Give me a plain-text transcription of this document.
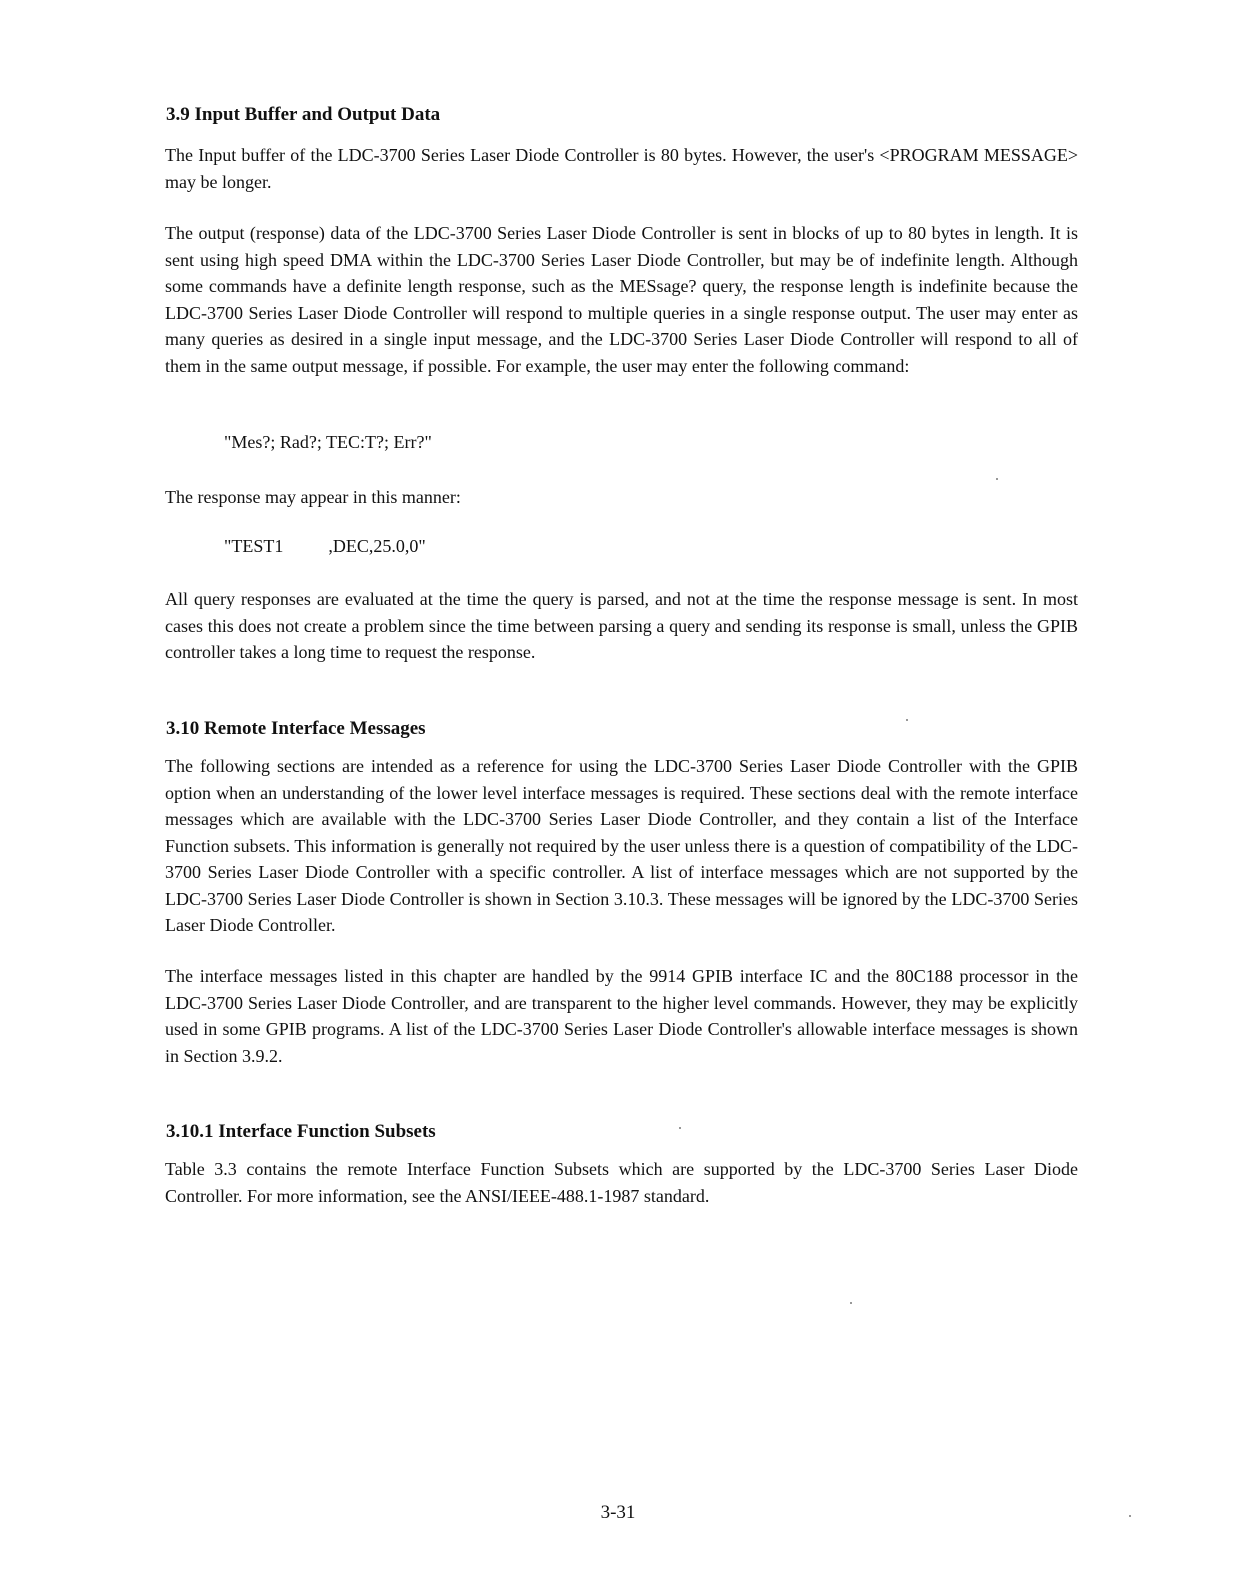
3.9 Input Buffer and Output Data

The Input buffer of the LDC-3700 Series Laser Diode Controller is 80 bytes. However, the user's <PROGRAM MESSAGE> may be longer.

The output (response) data of the LDC-3700 Series Laser Diode Controller is sent in blocks of up to 80 bytes in length. It is sent using high speed DMA within the LDC-3700 Series Laser Diode Controller, but may be of indefinite length. Although some commands have a definite length response, such as the MESsage? query, the response length is indefinite because the LDC-3700 Series Laser Diode Controller will respond to multiple queries in a single response output. The user may enter as many queries as desired in a single input message, and the LDC-3700 Series Laser Diode Controller will respond to all of them in the same output message, if possible. For example, the user may enter the following command:

"Mes?; Rad?; TEC:T?; Err?"

The response may appear in this manner:

"TEST1          ,DEC,25.0,0"

All query responses are evaluated at the time the query is parsed, and not at the time the response message is sent. In most cases this does not create a problem since the time between parsing a query and sending its response is small, unless the GPIB controller takes a long time to request the response.

3.10 Remote Interface Messages

The following sections are intended as a reference for using the LDC-3700 Series Laser Diode Controller with the GPIB option when an understanding of the lower level interface messages is required. These sections deal with the remote interface messages which are available with the LDC-3700 Series Laser Diode Controller, and they contain a list of the Interface Function subsets. This information is generally not required by the user unless there is a question of compatibility of the LDC-3700 Series Laser Diode Controller with a specific controller. A list of interface messages which are not supported by the LDC-3700 Series Laser Diode Controller is shown in Section 3.10.3. These messages will be ignored by the LDC-3700 Series Laser Diode Controller.

The interface messages listed in this chapter are handled by the 9914 GPIB interface IC and the 80C188 processor in the LDC-3700 Series Laser Diode Controller, and are transparent to the higher level commands. However, they may be explicitly used in some GPIB programs. A list of the LDC-3700 Series Laser Diode Controller's allowable interface messages is shown in Section 3.9.2.

3.10.1 Interface Function Subsets

Table 3.3 contains the remote Interface Function Subsets which are supported by the LDC-3700 Series Laser Diode Controller. For more information, see the ANSI/IEEE-488.1-1987 standard.

3-31
